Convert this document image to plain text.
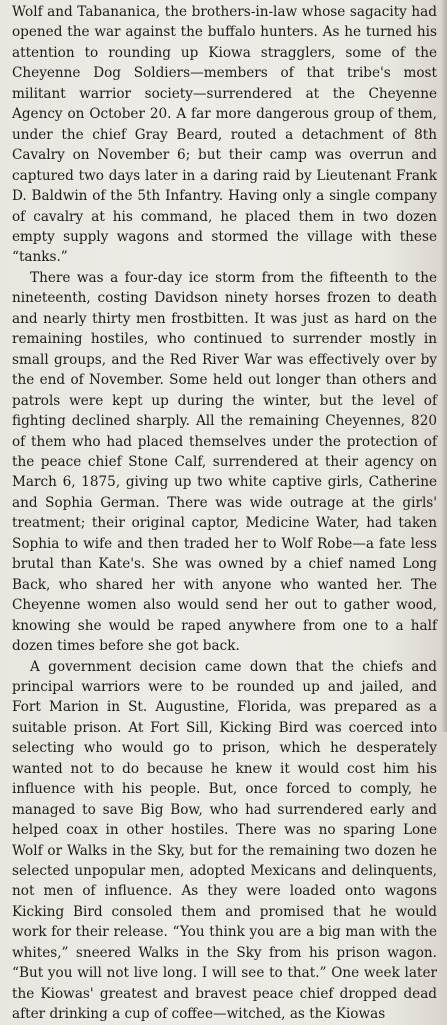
Wolf and Tabananica, the brothers-in-law whose sagacity had opened the war against the buffalo hunters. As he turned his attention to rounding up Kiowa stragglers, some of the Cheyenne Dog Soldiers—members of that tribe's most militant warrior society—surrendered at the Cheyenne Agency on October 20. A far more dangerous group of them, under the chief Gray Beard, routed a detachment of 8th Cavalry on November 6; but their camp was overrun and captured two days later in a daring raid by Lieutenant Frank D. Baldwin of the 5th Infantry. Having only a single company of cavalry at his command, he placed them in two dozen empty supply wagons and stormed the village with these “tanks.”

There was a four-day ice storm from the fifteenth to the nineteenth, costing Davidson ninety horses frozen to death and nearly thirty men frostbitten. It was just as hard on the remaining hostiles, who continued to surrender mostly in small groups, and the Red River War was effectively over by the end of November. Some held out longer than others and patrols were kept up during the winter, but the level of fighting declined sharply. All the remaining Cheyennes, 820 of them who had placed themselves under the protection of the peace chief Stone Calf, surrendered at their agency on March 6, 1875, giving up two white captive girls, Catherine and Sophia German. There was wide outrage at the girls' treatment; their original captor, Medicine Water, had taken Sophia to wife and then traded her to Wolf Robe—a fate less brutal than Kate's. She was owned by a chief named Long Back, who shared her with anyone who wanted her. The Cheyenne women also would send her out to gather wood, knowing she would be raped anywhere from one to a half dozen times before she got back.

A government decision came down that the chiefs and principal warriors were to be rounded up and jailed, and Fort Marion in St. Augustine, Florida, was prepared as a suitable prison. At Fort Sill, Kicking Bird was coerced into selecting who would go to prison, which he desperately wanted not to do because he knew it would cost him his influence with his people. But, once forced to comply, he managed to save Big Bow, who had surrendered early and helped coax in other hostiles. There was no sparing Lone Wolf or Walks in the Sky, but for the remaining two dozen he selected unpopular men, adopted Mexicans and delinquents, not men of influence. As they were loaded onto wagons Kicking Bird consoled them and promised that he would work for their release. “You think you are a big man with the whites,” sneered Walks in the Sky from his prison wagon. “But you will not live long. I will see to that.” One week later the Kiowas' greatest and bravest peace chief dropped dead after drinking a cup of coffee—witched, as the Kiowas
